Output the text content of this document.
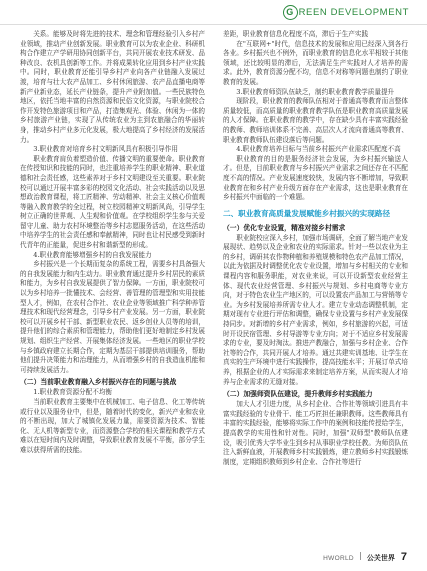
G REEN DEVELOPMENT

关系。能够及时将先进的技术、理念和管理经验引入乡村产业领域，推动产业创新发展。职业教育可以为农业企业、科研机构合作建立产学研用协同创新平台，共同开展农业技术研发、品种改良、农机具创新等工作。并将成果转化应用到乡村产业实践中。同时，职业教育还能引导乡村产业向各产业链融入发展过渡，培育与壮大农产品加工、乡村休闲旅游、农产品直播电商等新产业新业态，延长产业链条，提升产业附加值。一些民族特色地区，依托当地丰富的自然资源和民俗文化资源，与职业院校合作开发特色旅游项目和产品，打造集观光、体验、休闲为一体的乡村旅游产业链，实现了从传统农业为主到农旅融合的华丽转身，推动乡村产业多元化发展，极大地提高了乡村经济的发展活力。

3.职业教育对培育乡村文明新风具有积极引导作用

职业教育肩负着塑造价值、传播文明的重要使命。职业教育在传授知识和技能的同时，也注重培养学生的职业精神、职业道德和社会责任感，这些素养对于乡村文明建设至关重要。职业院校可以通过开展丰富多彩的校园文化活动、社会实践活动以及思想政治教育课程，将工匠精神、劳动精神、社会主义核心价值观等融入教育教学的全过程，树立校园精神文明新风尚，引导学生树立正确的世界观、人生观和价值观。在学校组织学生参与关爱留守儿童、助力农村环境整治等乡村志愿服务活动，在这些活动中培养学生的社会责任感和奉献精神，同时也让村民感受到新时代青年的正能量，促进乡村和谐新型的形成。

4.职业教育能够增强乡村的自我发展能力

乡村振兴是一个长期而复杂的系统工程，需要乡村具备强大的自我发展能力和内生动力。职业教育通过提升乡村居民的素质和能力，为乡村自我发展提供了智力保障。一方面，职业院校可以为乡村培养一批懂技术、会经营、善管理的管理型和实用技能型人才，例如，在农村合作社、农业企业等领域推广科学种养管理技术和现代经营理念，引导乡村产业发展。另一方面，职业院校可以开展乡村干部、新型职业农民、返乡创业人员等的培训，提升他们的综合素质和管理能力，帮助他们更好地制定乡村发展规划、组织生产经营、开展集体经济发展。一些地区的职业学校与乡镇政府建立长期合作，定期为基层干部提供培训服务，帮助他们提升决策能力和治理能力，从而增强乡村的自我造血机能和可持续发展活力。

（二）当前职业教育融入乡村振兴存在的问题与挑战

1.职业教育资源分配不均衡

当前职业教育主要集中在机械加工、电子信息、化工等传统或行业以及服务业中，但是，随着时代的变化，新兴产业和农业的不断出现，加大了城镇化发展力量，需要资源为技术、智能化、无人机等新型专业，而资源整合学校的相关课程和教学方式难以在短时间内及时调整，导致职业教育发展不平衡，部分学生难以获得所需的技能。

差距，职业教育信息化程度不高，滞后于生产实践

在"互联网+"时代，信息技术的发展和应用已经深入到各行各业。乡村振兴也不例外，而职业教育的信息化水平相较于其他领域，还比较明显的滞后，无法满足生产实践对人才培养的需求。此外，教育资源分配不均，信息不对称等问题也制约了职业教育的发展。

3.职业教育师资队伍缺乏，制约职业教育教学质量提升

现阶段，职业教育的教师队伍相对于普通高等教育而言整体质量较低，而高质量的职业教育教学队伍是职业教育高质量发展的人才保障。在职业教育的教学中，存在缺少具有丰富实践经验的教师、教师培训体系不完善、高层次人才流向普通高等教育、职业教育教师队伍建设落后等问题。

4.职业教育培养目标与当前乡村振兴产业需求匹配度不高

职业教育的目的是服务经济社会发展，为乡村振兴输送人才。但是，目前职业教育与乡村振兴产业需求之间还存在不匹配度不高的情况。产业发展速度较快，发展内容不断增加，导致职业教育在和乡村产业升级方面存在产业需求，这也是职业教育在乡村振兴中面临的一个难题。

二、职业教育高质量发展赋能乡村振兴的实现路径

（一）优化专业设置，精准对接乡村需求

职业院校应深入乡村，加强市场调研，全面了解当地产业发展现状、趋势以及企业和农业的实际需求。针对一些以农业为主的乡村，调研其农作物种植和养殖规模和特色农产品加工情况，以此为依据及时调整优化农专业设置，增加与乡村相关的专业和课程内容和服务职能，对农业来说，可以开设新型农业经营主体、现代农业经营管理、乡村振兴与规划、乡村电商等专业方向，对于特色农业生产地区的，可以设置农产品加工与营销等专业。为乡村发展培养所需专业人才。建立专业动态调整机制，定期对现有专业进行评估和调整，确保专业设置与乡村产业发展保持同步。对新增的乡村产业需求，例如，乡村旅游的兴起，可适时开设民宿管理、乡村导游等专业方向；对于不适应乡村发展需求的专业，要及时淘汰。推进产教融合，加强与乡村企业、合作社等的合作，共同开展人才培养。通过共建实训基地、让学生在真实的生产环境中进行实践操作，提高技能水平；开展订单式培养，根据企业的人才实际需求来制定培养方案，从而实现人才培养与企业需求的无缝对接。

（二）加强师资队伍建设，提升教师乡村实践能力

加大人才引进力度，从乡村企业、合作社等领域引进具有丰富实践经验的专业骨干、能工巧匠担任兼职教师。这些教师具有丰富的实践经验，能够将实际工作中的案例和技能传授给学生，提高教学的实用性和针对性。同时，加强"双师型"教师队伍建设，吸引优秀大学毕业生到乡村从事职业学校任教。为师资队伍注入新鲜血液，开展教师乡村实践锻炼，建立教师乡村实践锻炼制度，定期组织教师到乡村企业、合作社等进行

HWORLD 公关世界 7
